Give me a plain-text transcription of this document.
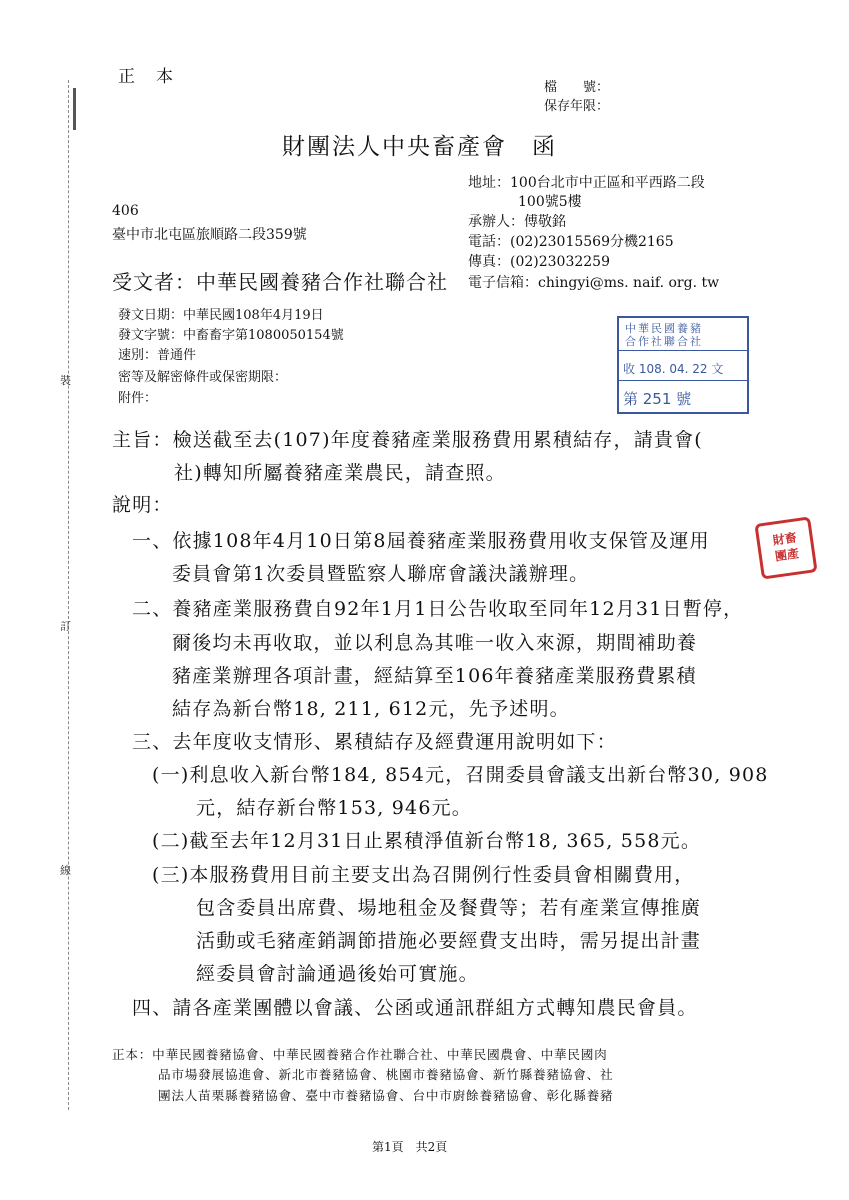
裝
訂
線
正　本
檔　　號：
保存年限：
財團法人中央畜產會　函
地址：100台北市中正區和平西路二段
100號5樓
承辦人：傅敬銘
電話：(02)23015569分機2165
傳真：(02)23032259
電子信箱：chingyi@ms. naif. org. tw
406
臺中市北屯區旅順路二段359號
受文者：中華民國養豬合作社聯合社
發文日期：中華民國108年4月19日
發文字號：中畜畜字第1080050154號
速別：普通件
密等及解密條件或保密期限：
附件：
中華民國養豬
合作社聯合社
收 108. 04. 22 文
第 251 號
財畜
團產
主旨：檢送截至去(107)年度養豬產業服務費用累積結存，請貴會(
社)轉知所屬養豬產業農民，請查照。
說明：
一、依據108年4月10日第8屆養豬產業服務費用收支保管及運用
委員會第1次委員暨監察人聯席會議決議辦理。
二、養豬產業服務費自92年1月1日公告收取至同年12月31日暫停，
爾後均未再收取，並以利息為其唯一收入來源，期間補助養
豬產業辦理各項計畫，經結算至106年養豬產業服務費累積
結存為新台幣18, 211, 612元，先予述明。
三、去年度收支情形、累積結存及經費運用說明如下：
(一)利息收入新台幣184, 854元，召開委員會議支出新台幣30, 908
元，結存新台幣153, 946元。
(二)截至去年12月31日止累積淨值新台幣18, 365, 558元。
(三)本服務費用目前主要支出為召開例行性委員會相關費用，
包含委員出席費、場地租金及餐費等；若有產業宣傳推廣
活動或毛豬產銷調節措施必要經費支出時，需另提出計畫
經委員會討論通過後始可實施。
四、請各產業團體以會議、公函或通訊群組方式轉知農民會員。
正本：中華民國養豬協會、中華民國養豬合作社聯合社、中華民國農會、中華民國肉
品市場發展協進會、新北市養豬協會、桃園市養豬協會、新竹縣養豬協會、社
團法人苗栗縣養豬協會、臺中市養豬協會、台中市廚餘養豬協會、彰化縣養豬
第1頁　共2頁
